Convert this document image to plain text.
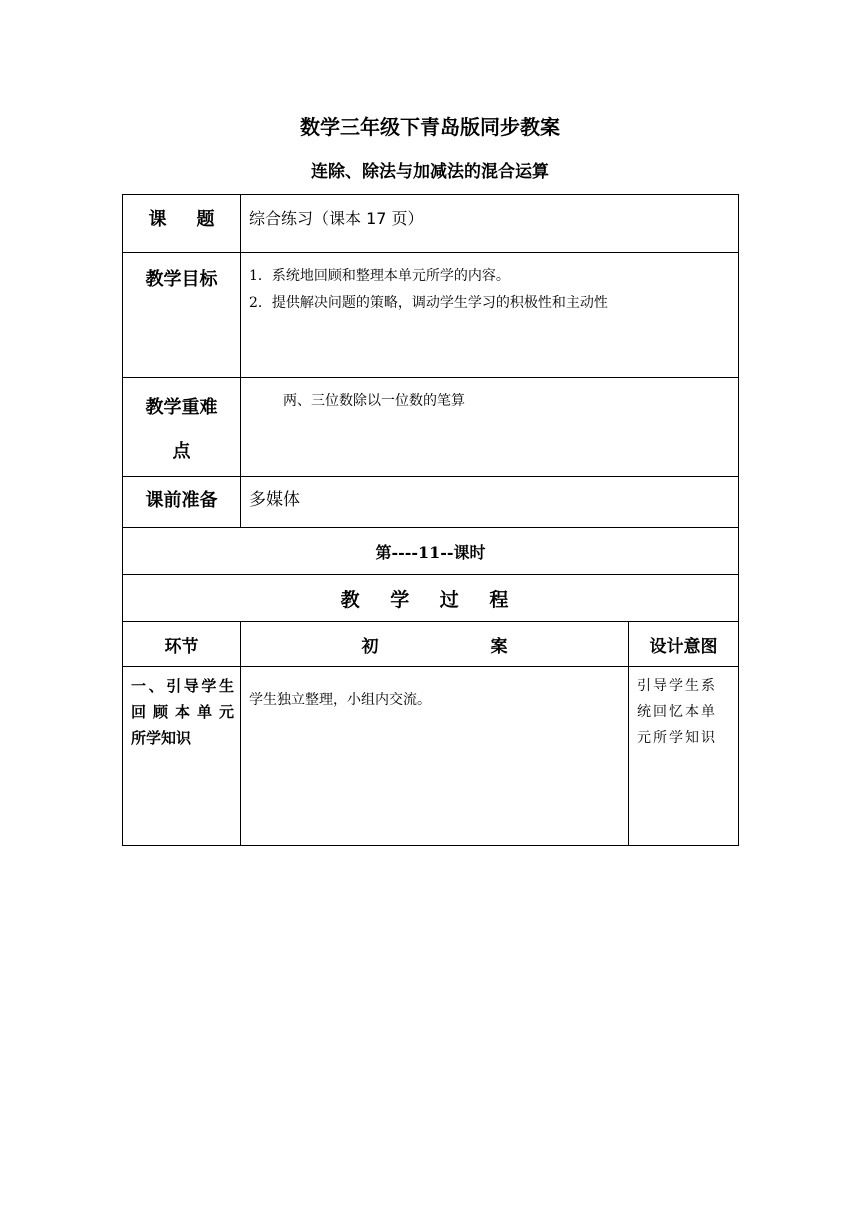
数学三年级下青岛版同步教案
连除、除法与加减法的混合运算
课 题	综合练习（课本 17 页）	
教学目标	1．系统地回顾和整理本单元所学的内容。
2．提供解决问题的策略，调动学生学习的积极性和主动性	

教学重难
点	两、三位数除以一位数的笔算	
课前准备	多媒体	
第----11--课时		
教 学 过 程		
环节	初 案	设计意图

一、引导学生
回顾本单元
所学知识	学生独立整理，小组内交流。	引导学生系统回忆本单元所学知识
